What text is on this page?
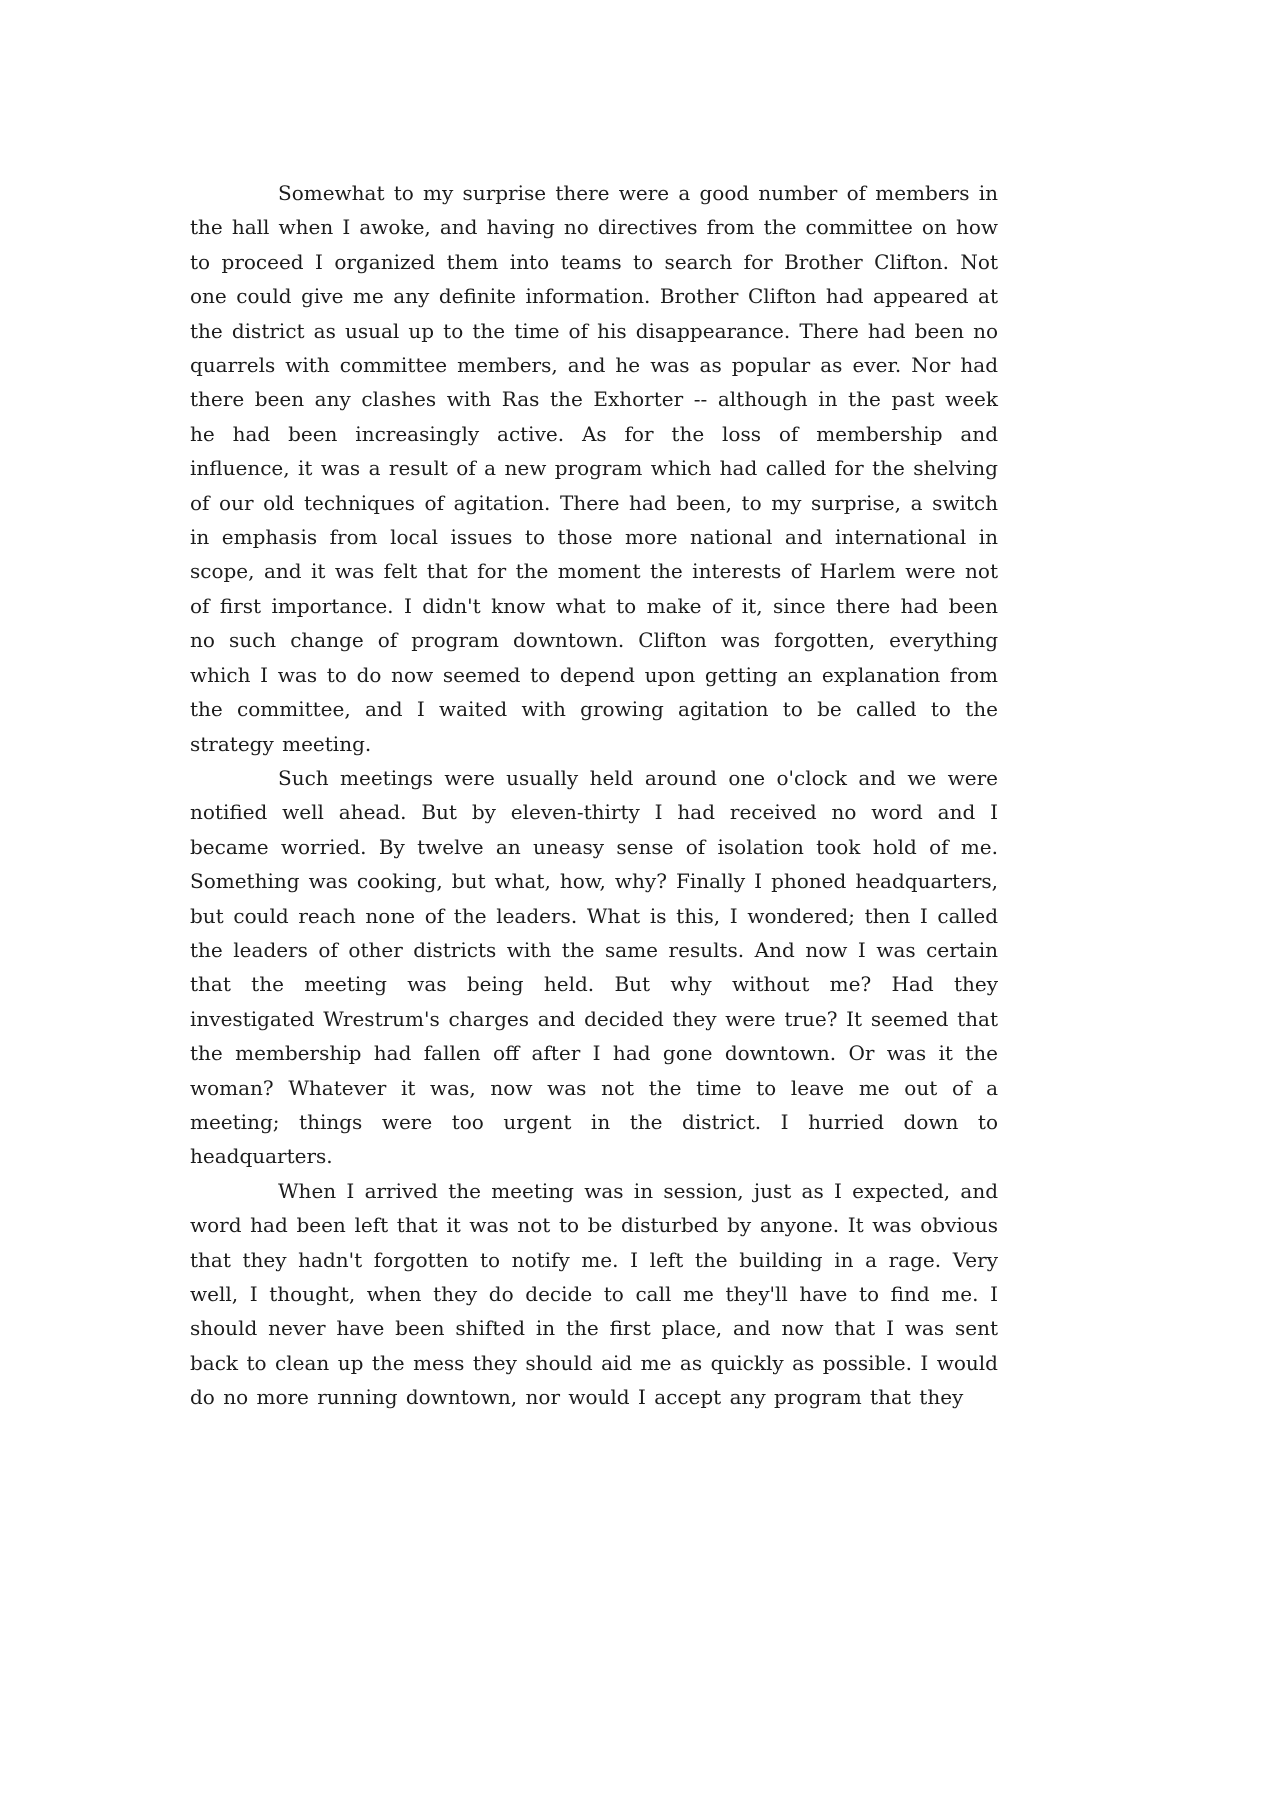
Somewhat to my surprise there were a good number of members in the hall when I awoke, and having no directives from the committee on how to proceed I organized them into teams to search for Brother Clifton. Not one could give me any definite information. Brother Clifton had appeared at the district as usual up to the time of his disappearance. There had been no quarrels with committee members, and he was as popular as ever. Nor had there been any clashes with Ras the Exhorter -- although in the past week he had been increasingly active. As for the loss of membership and influence, it was a result of a new program which had called for the shelving of our old techniques of agitation. There had been, to my surprise, a switch in emphasis from local issues to those more national and international in scope, and it was felt that for the moment the interests of Harlem were not of first importance. I didn't know what to make of it, since there had been no such change of program downtown. Clifton was forgotten, everything which I was to do now seemed to depend upon getting an explanation from the committee, and I waited with growing agitation to be called to the strategy meeting.

Such meetings were usually held around one o'clock and we were notified well ahead. But by eleven-thirty I had received no word and I became worried. By twelve an uneasy sense of isolation took hold of me. Something was cooking, but what, how, why? Finally I phoned headquarters, but could reach none of the leaders. What is this, I wondered; then I called the leaders of other districts with the same results. And now I was certain that the meeting was being held. But why without me? Had they investigated Wrestrum's charges and decided they were true? It seemed that the membership had fallen off after I had gone downtown. Or was it the woman? Whatever it was, now was not the time to leave me out of a meeting; things were too urgent in the district. I hurried down to headquarters.

When I arrived the meeting was in session, just as I expected, and word had been left that it was not to be disturbed by anyone. It was obvious that they hadn't forgotten to notify me. I left the building in a rage. Very well, I thought, when they do decide to call me they'll have to find me. I should never have been shifted in the first place, and now that I was sent back to clean up the mess they should aid me as quickly as possible. I would do no more running downtown, nor would I accept any program that they
